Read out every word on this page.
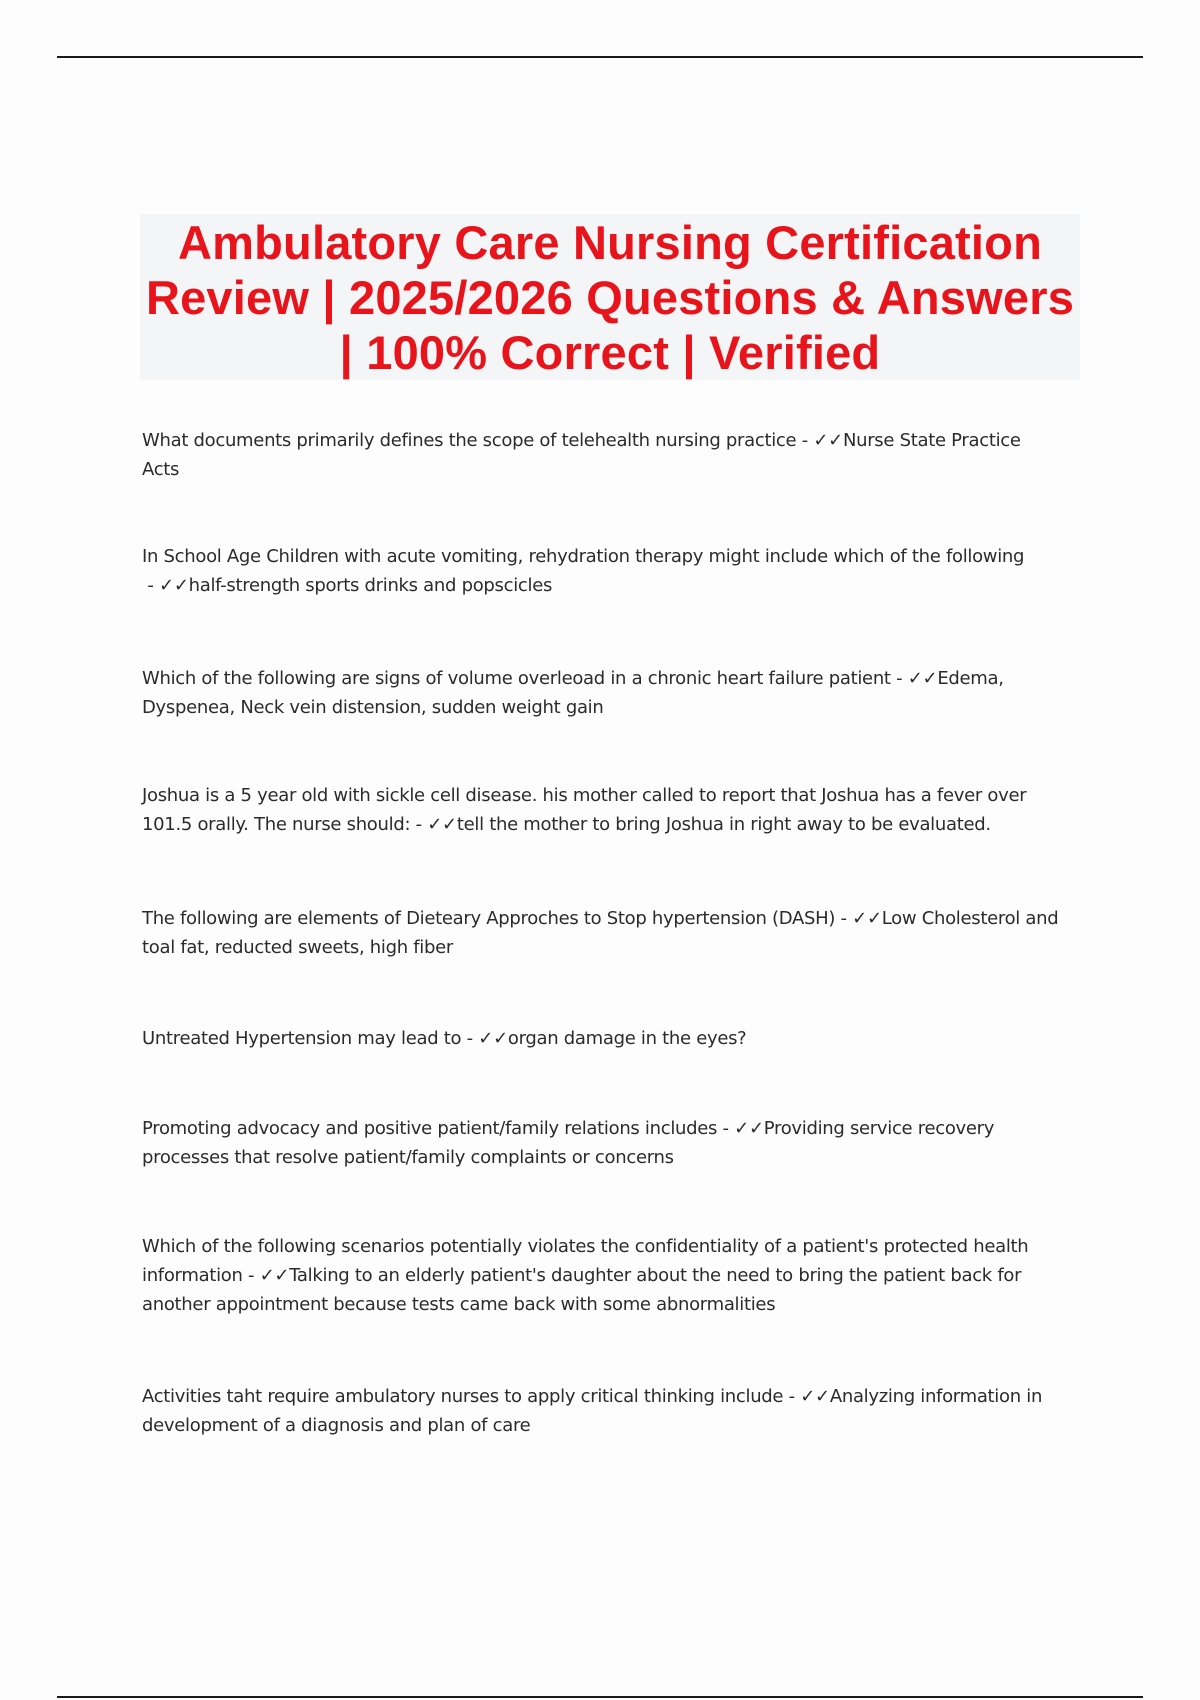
Ambulatory Care Nursing Certification Review | 2025/2026 Questions & Answers | 100% Correct | Verified
What documents primarily defines the scope of telehealth nursing practice - ✓✓Nurse State Practice Acts
In School Age Children with acute vomiting, rehydration therapy might include which of the following - ✓✓half-strength sports drinks and popscicles
Which of the following are signs of volume overleoad in a chronic heart failure patient - ✓✓Edema, Dyspenea, Neck vein distension, sudden weight gain
Joshua is a 5 year old with sickle cell disease. his mother called to report that Joshua has a fever over 101.5 orally. The nurse should: - ✓✓tell the mother to bring Joshua in right away to be evaluated.
The following are elements of Dieteary Approches to Stop hypertension (DASH) - ✓✓Low Cholesterol and toal fat, reducted sweets, high fiber
Untreated Hypertension may lead to - ✓✓organ damage in the eyes?
Promoting advocacy and positive patient/family relations includes - ✓✓Providing service recovery processes that resolve patient/family complaints or concerns
Which of the following scenarios potentially violates the confidentiality of a patient's protected health information - ✓✓Talking to an elderly patient's daughter about the need to bring the patient back for another appointment because tests came back with some abnormalities
Activities taht require ambulatory nurses to apply critical thinking include - ✓✓Analyzing information in development of a diagnosis and plan of care
